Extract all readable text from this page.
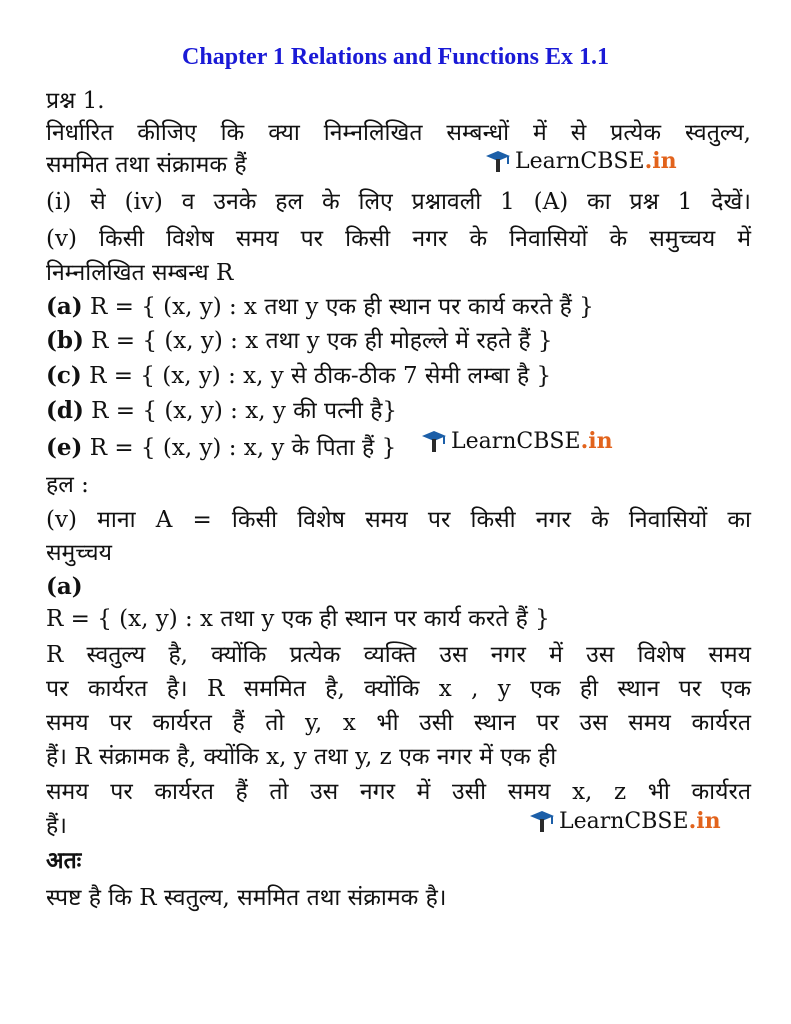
Chapter 1 Relations and Functions Ex 1.1
प्रश्न 1.
निर्धारित कीजिए कि क्या निम्नलिखित सम्बन्धों में से प्रत्येक स्वतुल्य,
सममित तथा संक्रामक हैं	LearnCBSE .in
(i) से (iv) व उनके हल के लिए प्रश्नावली 1 (A) का प्रश्न 1 देखें।
(v) किसी विशेष समय पर किसी नगर के निवासियों के समुच्चय में
निम्नलिखित सम्बन्ध R
(a) R = { (x, y) : x तथा y एक ही स्थान पर कार्य करते हैं }
(b) R = { (x, y) : x तथा y एक ही मोहल्ले में रहते हैं }
(c) R = { (x, y) : x, y से ठीक-ठीक 7 सेमी लम्बा है }
(d) R = { (x, y) : x, y की पत्नी है}
(e) R = { (x, y) : x, y के पिता हैं } LearnCBSE .in
हल :
(v) माना A = किसी विशेष समय पर किसी नगर के निवासियों का
समुच्चय
(a)
R = { (x, y) : x तथा y एक ही स्थान पर कार्य करते हैं }
R स्वतुल्य है, क्योंकि प्रत्येक व्यक्ति उस नगर में उस विशेष समय
पर कार्यरत है। R सममित है, क्योंकि x , y एक ही स्थान पर एक
समय पर कार्यरत हैं तो y, x भी उसी स्थान पर उस समय कार्यरत
हैं। R संक्रामक है, क्योंकि x, y तथा y, z एक नगर में एक ही
समय पर कार्यरत हैं तो उस नगर में उसी समय x, z भी कार्यरत
हैं।	LearnCBSE .in
अतः
स्पष्ट है कि R स्वतुल्य, सममित तथा संक्रामक है।
